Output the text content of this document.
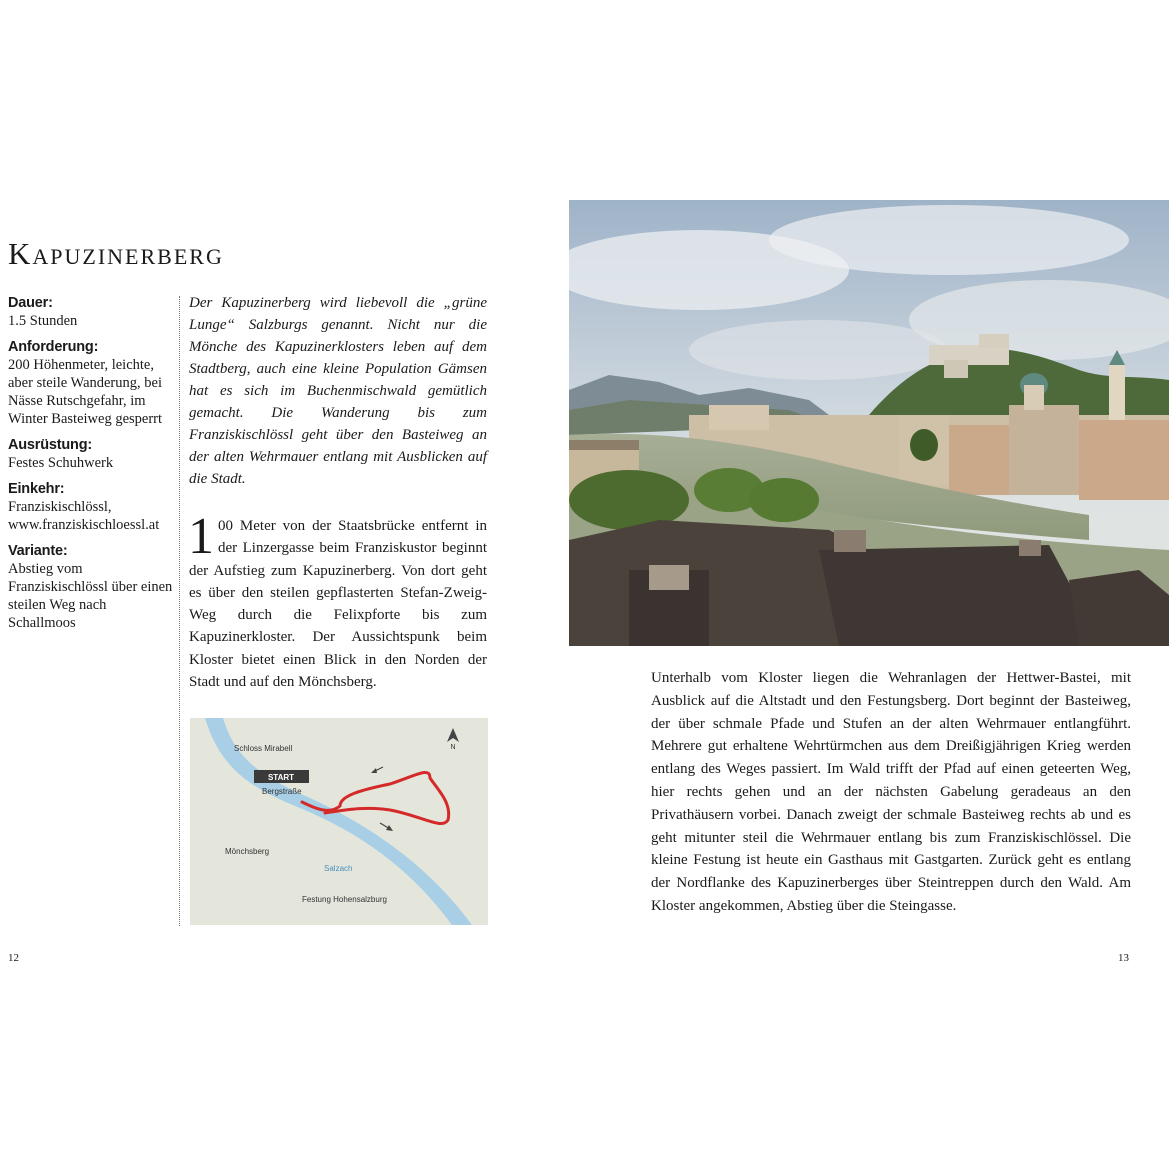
Kapuzinerberg
Dauer:
1.5 Stunden
Anforderung:
200 Höhenmeter, leichte, aber steile Wanderung, bei Nässe Rutschgefahr, im Winter Basteiweg gesperrt
Ausrüstung:
Festes Schuhwerk
Einkehr:
Franziskischlössl, www.franziskischloessl.at
Variante:
Abstieg vom Franziskischlössl über einen steilen Weg nach Schallmoos

Der Kapuzinerberg wird liebevoll die „grüne Lunge“ Salzburgs genannt. Nicht nur die Mönche des Kapuzinerklosters leben auf dem Stadtberg, auch eine kleine Population Gämsen hat es sich im Buchenmischwald gemütlich gemacht. Die Wanderung bis zum Franziskischlössl geht über den Basteiweg an der alten Wehrmauer entlang mit Ausblicken auf die Stadt.

1 00 Meter von der Staatsbrücke entfernt in der Linzergasse beim Franziskustor beginnt der Aufstieg zum Kapuzinerberg. Von dort geht es über den steilen gepflasterten Stefan-Zweig-Weg durch die Felixpforte bis zum Kapuzinerkloster. Der Aussichtspunk beim Kloster bietet einen Blick in den Norden der Stadt und auf den Mönchsberg.

N
Schloss Mirabell
START
Bergstraße
Mönchsberg
Salzach
Festung Hohensalzburg
12

Unterhalb vom Kloster liegen die Wehranlagen der Hettwer-Bastei, mit Ausblick auf die Altstadt und den Festungsberg. Dort beginnt der Basteiweg, der über schmale Pfade und Stufen an der alten Wehrmauer entlangführt. Mehrere gut erhaltene Wehrtürmchen aus dem Dreißigjährigen Krieg werden entlang des Weges passiert. Im Wald trifft der Pfad auf einen geteerten Weg, hier rechts gehen und an der nächsten Gabelung geradeaus an den Privathäusern vorbei. Danach zweigt der schmale Basteiweg rechts ab und es geht mitunter steil die Wehrmauer entlang bis zum Franziskischlössel. Die kleine Festung ist heute ein Gasthaus mit Gastgarten. Zurück geht es entlang der Nordflanke des Kapuzinerberges über Steintreppen durch den Wald. Am Kloster angekommen, Abstieg über die Steingasse.

13
